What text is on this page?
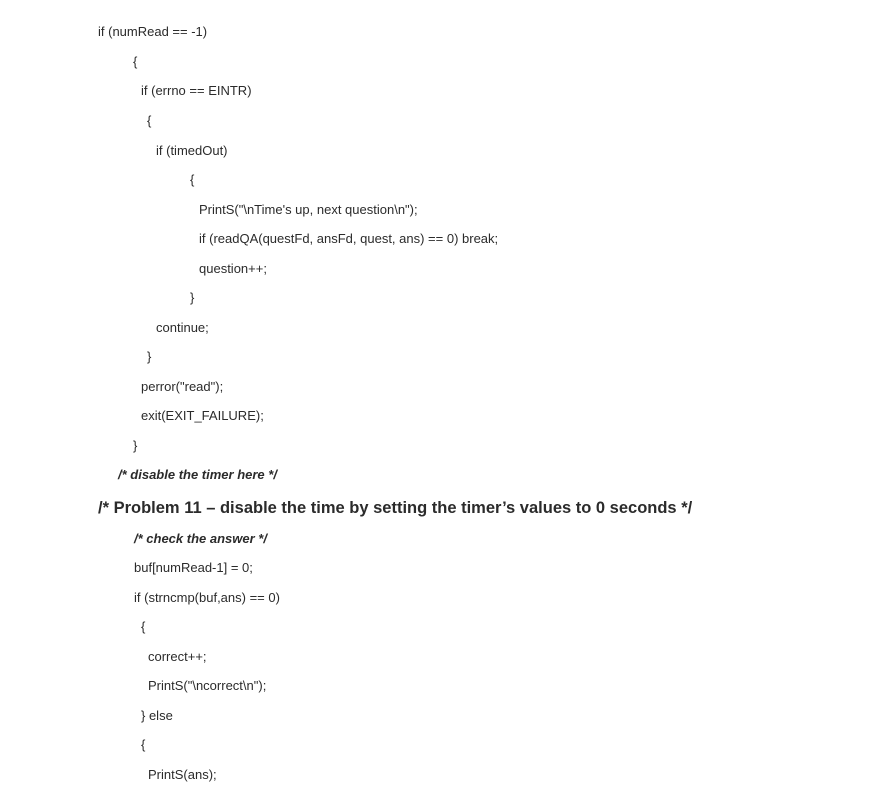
if (numRead == -1)
{
if (errno == EINTR)
{
if (timedOut)
{
PrintS("\nTime's up, next question\n");
if (readQA(questFd, ansFd, quest, ans) == 0) break;
question++;
}
continue;
}
perror("read");
exit(EXIT_FAILURE);
}
/* disable the timer here */
/* Problem 11 – disable the time by setting the timer’s values to 0 seconds */
/* check the answer */
buf[numRead-1] = 0;
if (strncmp(buf,ans) == 0)
{
correct++;
PrintS("\ncorrect\n");
} else
{
PrintS(ans);
